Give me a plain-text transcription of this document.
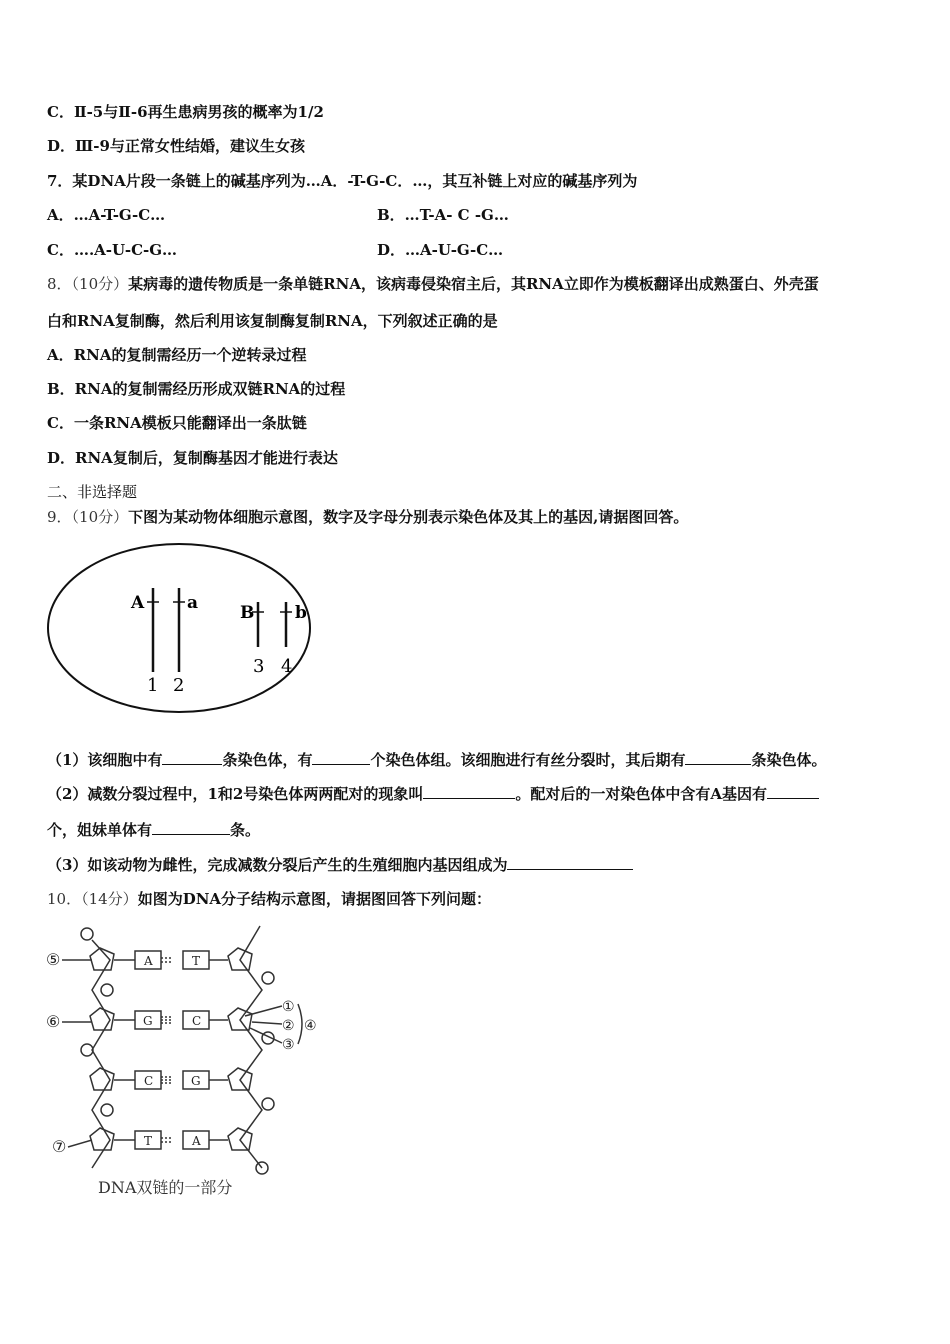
C．Ⅱ-5与Ⅱ-6再生患病男孩的概率为1/2
D．Ⅲ-9与正常女性结婚，建议生女孩
7．某DNA片段一条链上的碱基序列为…A．-T-G-C．…，其互补链上对应的碱基序列为
A．…A-T-G-C…	B．…T-A- C -G…
C．….A-U-C-G…	D．…A-U-G-C…
8．（10分）某病毒的遗传物质是一条单链RNA，该病毒侵染宿主后，其RNA立即作为模板翻译出成熟蛋白、外壳蛋
白和RNA复制酶，然后利用该复制酶复制RNA，下列叙述正确的是
A．RNA的复制需经历一个逆转录过程
B．RNA的复制需经历形成双链RNA的过程
C．一条RNA模板只能翻译出一条肽链
D．RNA复制后，复制酶基因才能进行表达
二、非选择题
9．（10分）下图为某动物体细胞示意图，数字及字母分别表示染色体及其上的基因,请据图回答。
A	a B b
1 2
3 4
（1）该细胞中有	条染色体，有	个染色体组。该细胞进行有丝分裂时，其后期有	条染色体。
（2）减数分裂过程中，1和2号染色体两两配对的现象叫	。配对后的一对染色体中含有A基因有
个，姐妹单体有	条。
（3）如该动物为雌性，完成减数分裂后产生的生殖细胞内基因组成为
10．（14分）如图为DNA分子结构示意图，请据图回答下列问题：
A	T
G	C
C	G
T	A
⑤
⑥
⑦
①
②
③
④
DNA双链的一部分
